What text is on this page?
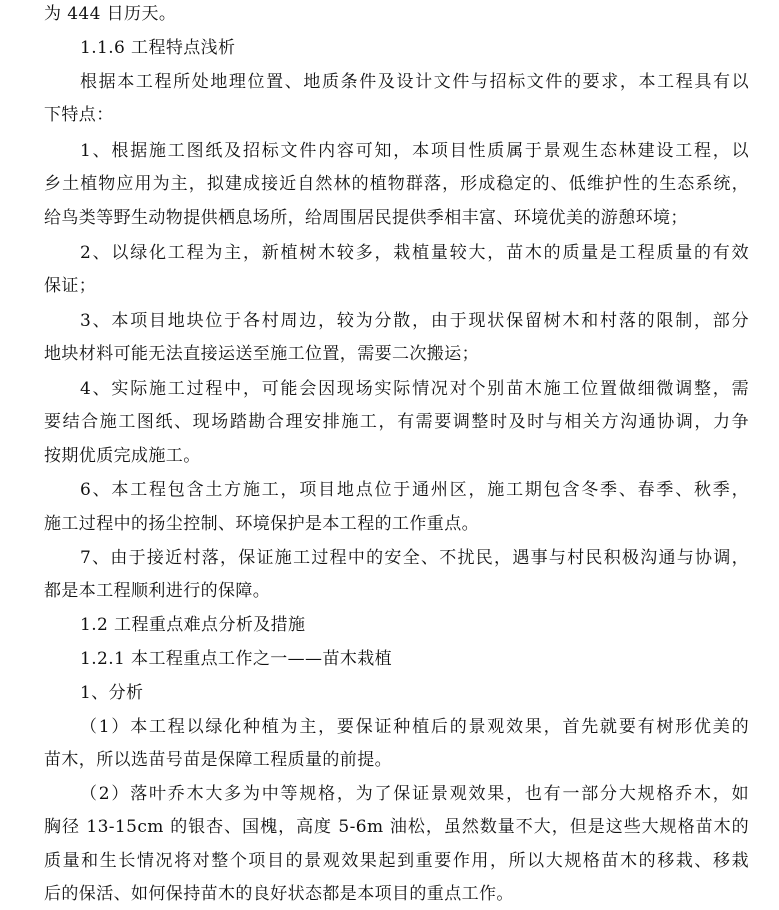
为 444 日历天。
1.1.6 工程特点浅析
根据本工程所处地理位置、地质条件及设计文件与招标文件的要求，本工程具有以
下特点：
1、根据施工图纸及招标文件内容可知，本项目性质属于景观生态林建设工程，以
乡土植物应用为主，拟建成接近自然林的植物群落，形成稳定的、低维护性的生态系统，
给鸟类等野生动物提供栖息场所，给周围居民提供季相丰富、环境优美的游憩环境；
2、以绿化工程为主，新植树木较多，栽植量较大，苗木的质量是工程质量的有效
保证；
3、本项目地块位于各村周边，较为分散，由于现状保留树木和村落的限制，部分
地块材料可能无法直接运送至施工位置，需要二次搬运；
4、实际施工过程中，可能会因现场实际情况对个别苗木施工位置做细微调整，需
要结合施工图纸、现场踏勘合理安排施工，有需要调整时及时与相关方沟通协调，力争
按期优质完成施工。
6、本工程包含土方施工，项目地点位于通州区，施工期包含冬季、春季、秋季，
施工过程中的扬尘控制、环境保护是本工程的工作重点。
7、由于接近村落，保证施工过程中的安全、不扰民，遇事与村民积极沟通与协调，
都是本工程顺利进行的保障。
1.2 工程重点难点分析及措施
1.2.1 本工程重点工作之一——苗木栽植
1、分析
（1）本工程以绿化种植为主，要保证种植后的景观效果，首先就要有树形优美的
苗木，所以选苗号苗是保障工程质量的前提。
（2）落叶乔木大多为中等规格，为了保证景观效果，也有一部分大规格乔木，如
胸径 13-15cm 的银杏、国槐，高度 5-6m 油松，虽然数量不大，但是这些大规格苗木的
质量和生长情况将对整个项目的景观效果起到重要作用，所以大规格苗木的移栽、移栽
后的保活、如何保持苗木的良好状态都是本项目的重点工作。
